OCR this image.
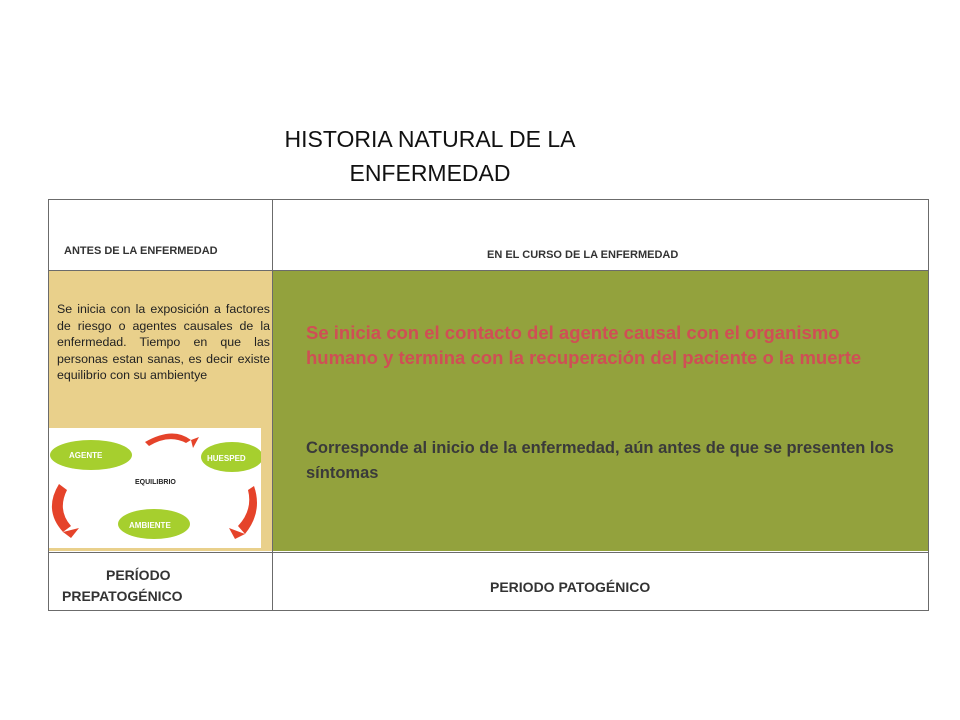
HISTORIA NATURAL DE LA
ENFERMEDAD
ANTES DE LA ENFERMEDAD	EN EL CURSO DE LA ENFERMEDAD
Se inicia con la exposición a factores de riesgo o agentes causales de la enfermedad. Tiempo en que las personas estan sanas, es decir existe equilibrio con su ambientye
AGENTE	HUESPED
AMBIENTE
EQUILIBRIO
Se inicia con el contacto del agente causal con el organismo humano y termina con la recuperación del paciente o la muerte
Corresponde al inicio de la enfermedad, aún antes de que se presenten los síntomas
PERÍODO
PREPATOGÉNICO
PERIODO PATOGÉNICO
